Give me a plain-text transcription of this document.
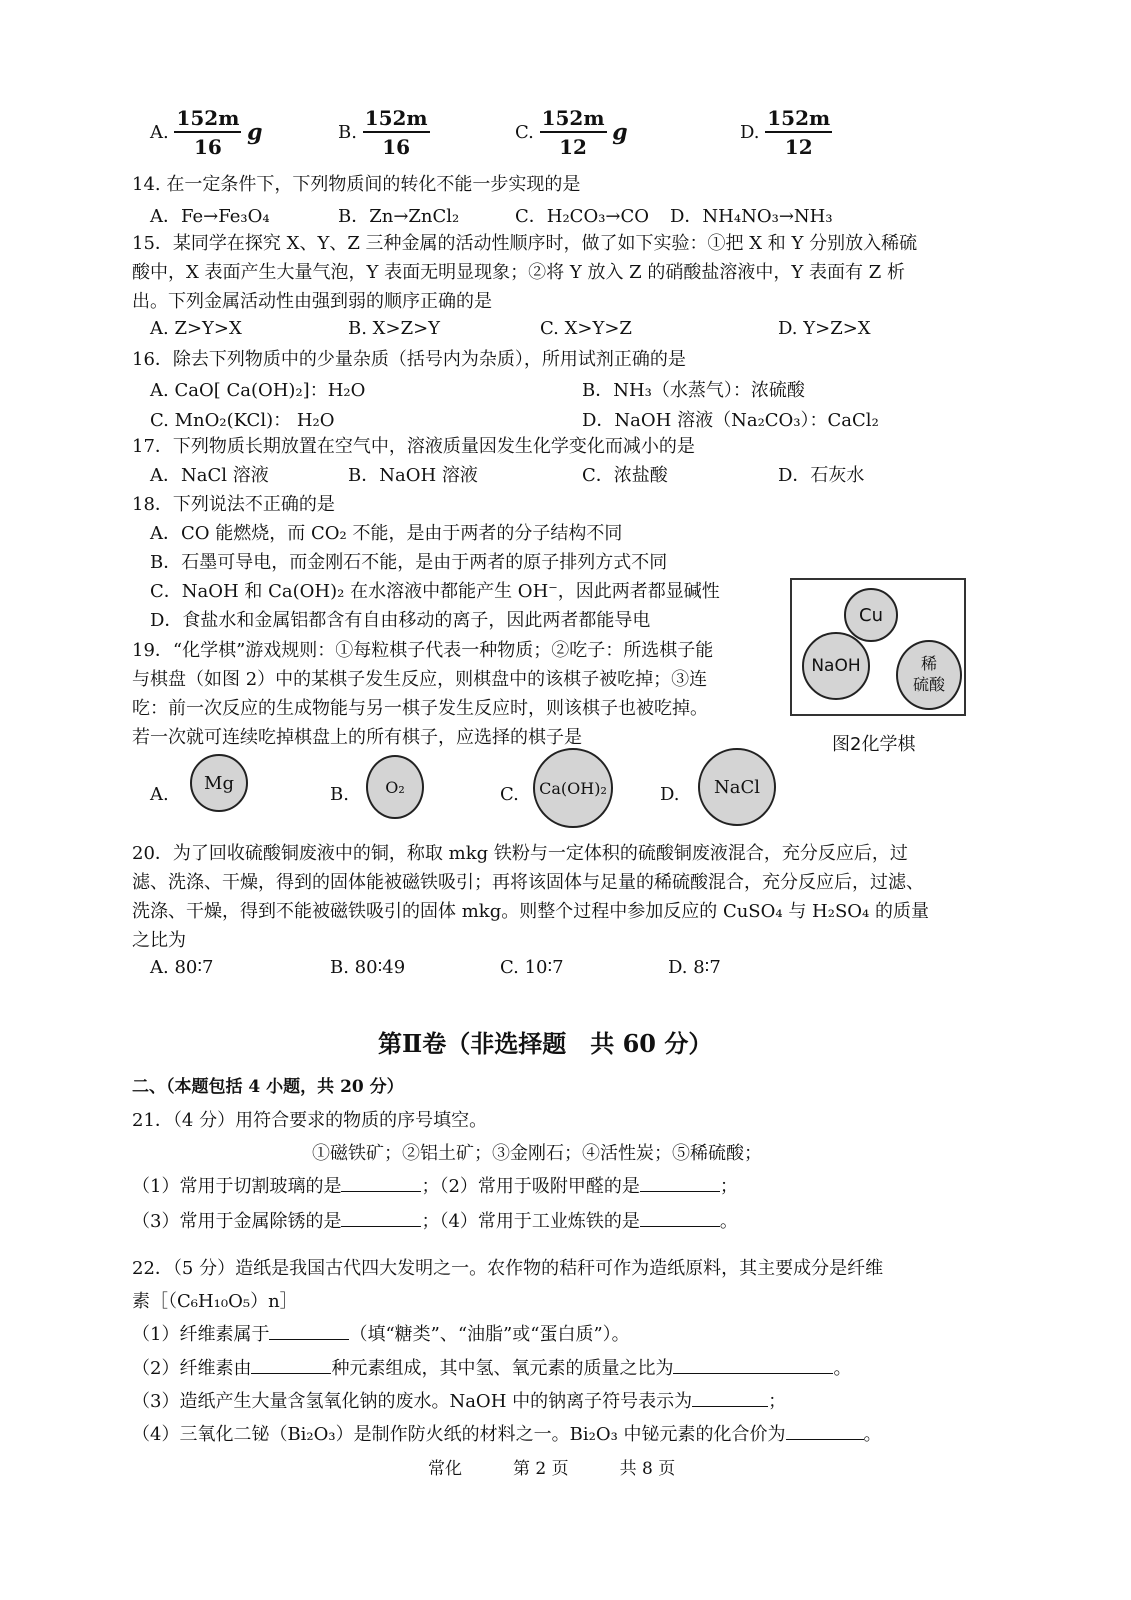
A. $\frac{152m}{16}$ g	B. $\frac{152m}{16}$	C. $\frac{152m}{12}$ g	D. $\frac{152m}{12}$
14. 在一定条件下，下列物质间的转化不能一步实现的是
A．Fe→Fe₃O₄	B．Zn→ZnCl₂	C．H₂CO₃→CO D．NH₄NO₃→NH₃
15．某同学在探究 X、Y、Z 三种金属的活动性顺序时，做了如下实验：①把 X 和 Y 分别放入稀硫
酸中，X 表面产生大量气泡，Y 表面无明显现象；②将 Y 放入 Z 的硝酸盐溶液中，Y 表面有 Z 析
出。下列金属活动性由强到弱的顺序正确的是
A. Z>Y>X	B. X>Z>Y	C. X>Y>Z	D. Y>Z>X
16．除去下列物质中的少量杂质（括号内为杂质），所用试剂正确的是
A. CaO[ Ca(OH)₂]：H₂O	B．NH₃（水蒸气）：浓硫酸
C. MnO₂(KCl)： H₂O	D．NaOH 溶液（Na₂CO₃）：CaCl₂
17．下列物质长期放置在空气中，溶液质量因发生化学变化而减小的是
A．NaCl 溶液	B．NaOH 溶液	C．浓盐酸	D．石灰水
18．下列说法不正确的是
A．CO 能燃烧，而 CO₂ 不能，是由于两者的分子结构不同
B．石墨可导电，而金刚石不能，是由于两者的原子排列方式不同
C．NaOH 和 Ca(OH)₂ 在水溶液中都能产生 OH⁻，因此两者都显碱性
D．食盐水和金属铝都含有自由移动的离子，因此两者都能导电	Cu
NaOH	稀
硫酸
图2化学棋
19．“化学棋”游戏规则：①每粒棋子代表一种物质；②吃子：所选棋子能
与棋盘（如图 2）中的某棋子发生反应，则棋盘中的该棋子被吃掉；③连
吃：前一次反应的生成物能与另一棋子发生反应时，则该棋子也被吃掉。
若一次就可连续吃掉棋盘上的所有棋子，应选择的棋子是
A.
Mg
B.	O₂	C.	Ca(OH)₂	D.	NaCl
20．为了回收硫酸铜废液中的铜，称取 mkg 铁粉与一定体积的硫酸铜废液混合，充分反应后，过
滤、洗涤、干燥，得到的固体能被磁铁吸引；再将该固体与足量的稀硫酸混合，充分反应后，过滤、
洗涤、干燥，得到不能被磁铁吸引的固体 mkg。则整个过程中参加反应的 CuSO₄ 与 H₂SO₄ 的质量
之比为
A. 80∶7	B. 80∶49	C. 10∶7	D. 8∶7
第Ⅱ卷（非选择题　共 60 分）
二、（本题包括 4 小题，共 20 分）
21．（4 分）用符合要求的物质的序号填空。
①磁铁矿；②铝土矿；③金刚石；④活性炭；⑤稀硫酸；
（1）常用于切割玻璃的是	；（2）常用于吸附甲醛的是	；
（3）常用于金属除锈的是	；（4）常用于工业炼铁的是	。
22．（5 分）造纸是我国古代四大发明之一。农作物的秸秆可作为造纸原料，其主要成分是纤维
素［（C₆H₁₀O₅）n］
（1）纤维素属于	（填“糖类”、“油脂”或“蛋白质”）。
（2）纤维素由	种元素组成，其中氢、氧元素的质量之比为	。
（3）造纸产生大量含氢氧化钠的废水。NaOH 中的钠离子符号表示为	；
（4）三氧化二铋（Bi₂O₃）是制作防火纸的材料之一。Bi₂O₃ 中铋元素的化合价为	。
常化　　　第 2 页　　　共 8 页
